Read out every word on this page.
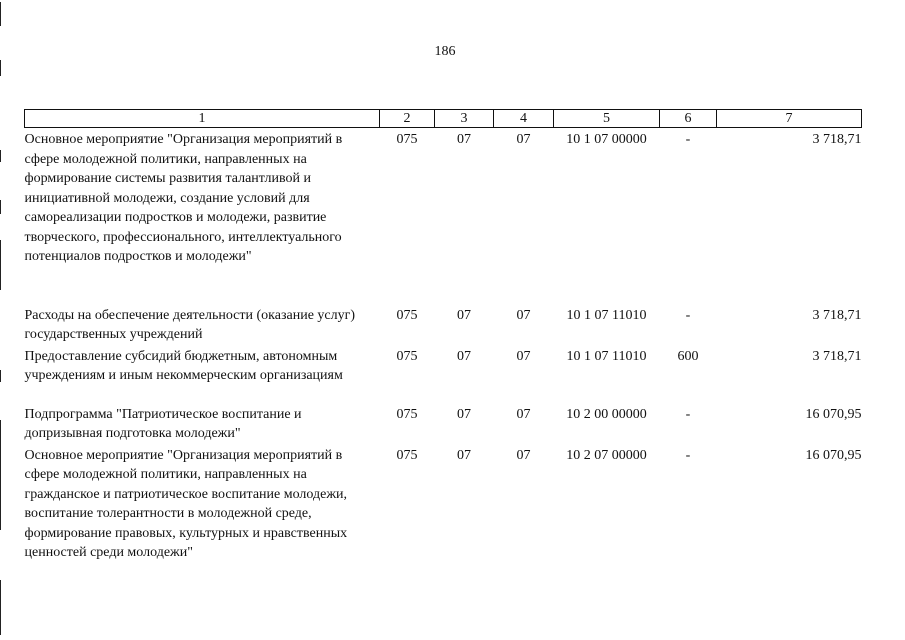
186
1	2	3	4	5	6	7
Основное мероприятие "Организация мероприятий в сфере молодежной политики, направленных на формирование системы развития талантливой и инициативной молодежи, создание условий для самореализации подростков и молодежи, развитие творческого, профессионального, интеллектуального потенциалов подростков и молодежи"	075	07	07	10 1 07 00000	-	3 718,71
Расходы на обеспечение деятельности (оказание услуг) государственных учреждений	075	07	07	10 1 07 11010	-	3 718,71
Предоставление субсидий бюджетным, автономным учреждениям и иным некоммерческим организациям	075	07	07	10 1 07 11010	600	3 718,71
Подпрограмма "Патриотическое воспитание и допризывная подготовка молодежи"	075	07	07	10 2 00 00000	-	16 070,95
Основное мероприятие "Организация мероприятий в сфере молодежной политики, направленных на гражданское и патриотическое воспитание молодежи, воспитание толерантности в молодежной среде, формирование правовых, культурных и нравственных ценностей среди молодежи"	075	07	07	10 2 07 00000	-	16 070,95
